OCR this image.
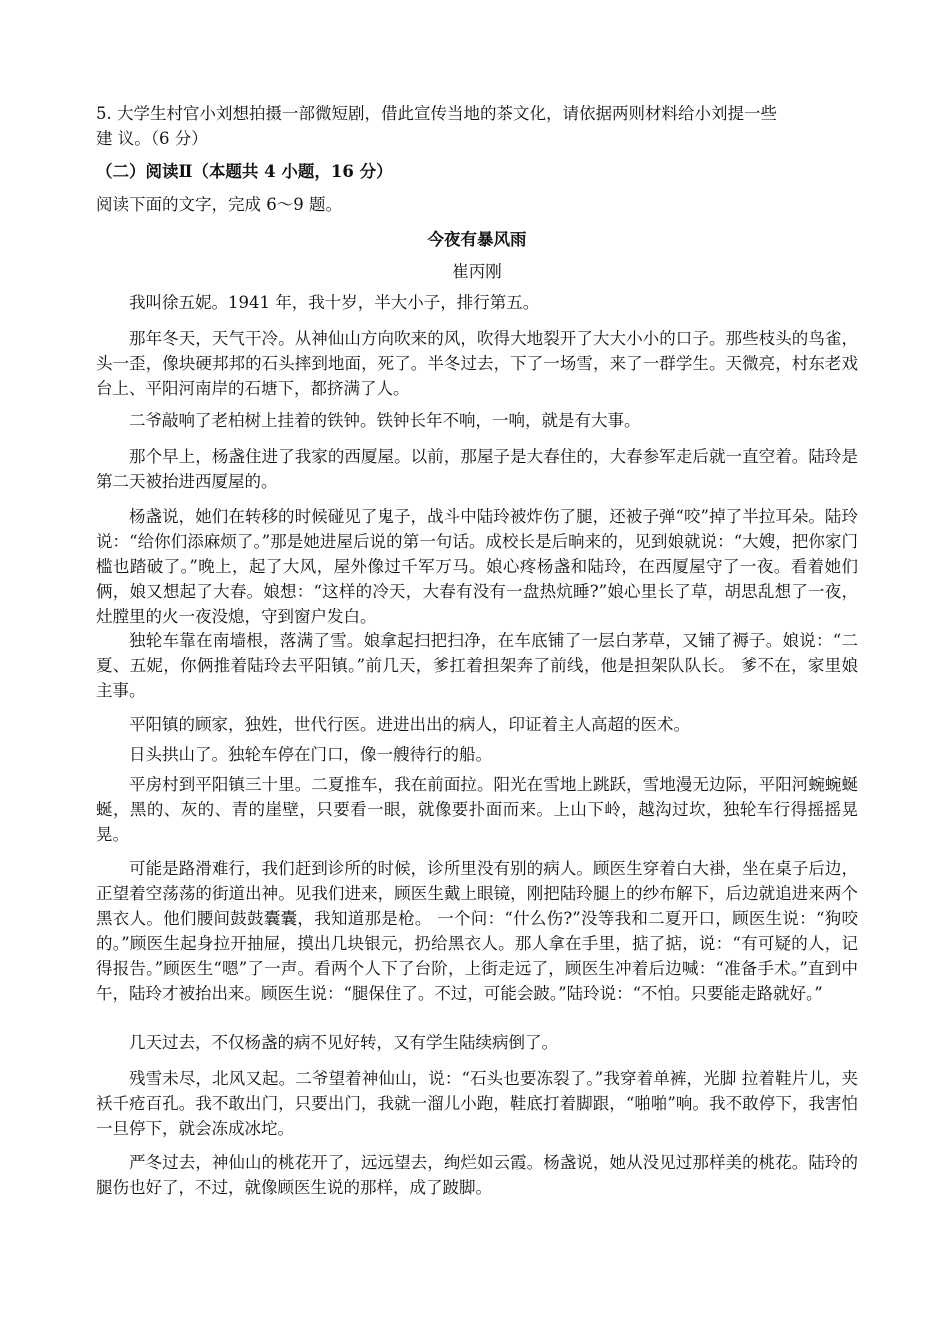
5. 大学生村官小刘想拍摄一部微短剧，借此宣传当地的茶文化，请依据两则材料给小刘提一些
建 议。（6 分）
（二）阅读Ⅱ（本题共 4 小题，16 分）
阅读下面的文字，完成 6～9 题。
今夜有暴风雨
崔丙刚
我叫徐五妮。1941 年，我十岁，半大小子，排行第五。
那年冬天，天气干冷。从神仙山方向吹来的风，吹得大地裂开了大大小小的口子。那些枝头的鸟雀，头一歪，像块硬邦邦的石头摔到地面，死了。半冬过去，下了一场雪，来了一群学生。天微亮，村东老戏台上、平阳河南岸的石塘下，都挤满了人。
二爷敲响了老柏树上挂着的铁钟。铁钟长年不响，一响，就是有大事。
那个早上，杨盏住进了我家的西厦屋。以前，那屋子是大春住的，大春参军走后就一直空着。陆玲是第二天被抬进西厦屋的。
杨盏说，她们在转移的时候碰见了鬼子，战斗中陆玲被炸伤了腿，还被子弹“咬”掉了半拉耳朵。陆玲说：“给你们添麻烦了。”那是她进屋后说的第一句话。成校长是后晌来的，见到娘就说：“大嫂，把你家门槛也踏破了。”晚上，起了大风，屋外像过千军万马。娘心疼杨盏和陆玲，在西厦屋守了一夜。看着她们俩，娘又想起了大春。娘想：“这样的冷天，大春有没有一盘热炕睡?”娘心里长了草，胡思乱想了一夜，灶膛里的火一夜没熄，守到窗户发白。
独轮车靠在南墙根，落满了雪。娘拿起扫把扫净，在车底铺了一层白茅草，又铺了褥子。娘说：“二夏、五妮，你俩推着陆玲去平阳镇。”前几天，爹扛着担架奔了前线，他是担架队队长。 爹不在，家里娘主事。
平阳镇的顾家，独姓，世代行医。进进出出的病人，印证着主人高超的医术。
日头拱山了。独轮车停在门口，像一艘待行的船。
平房村到平阳镇三十里。二夏推车，我在前面拉。阳光在雪地上跳跃，雪地漫无边际，平阳河蜿蜿蜒蜒，黑的、灰的、青的崖壁，只要看一眼，就像要扑面而来。上山下岭，越沟过坎，独轮车行得摇摇晃晃。
可能是路滑难行，我们赶到诊所的时候，诊所里没有别的病人。顾医生穿着白大褂，坐在桌子后边，正望着空荡荡的街道出神。见我们进来，顾医生戴上眼镜，刚把陆玲腿上的纱布解下，后边就追进来两个黑衣人。他们腰间鼓鼓囊囊，我知道那是枪。 一个问：“什么伤?”没等我和二夏开口，顾医生说：“狗咬的。”顾医生起身拉开抽屉，摸出几块银元，扔给黑衣人。那人拿在手里，掂了掂，说：“有可疑的人，记得报告。”顾医生“嗯”了一声。看两个人下了台阶，上街走远了，顾医生冲着后边喊：“准备手术。”直到中午，陆玲才被抬出来。顾医生说：“腿保住了。不过，可能会跛。”陆玲说：“不怕。只要能走路就好。”
几天过去，不仅杨盏的病不见好转，又有学生陆续病倒了。
残雪未尽，北风又起。二爷望着神仙山，说：“石头也要冻裂了。”我穿着单裤，光脚 拉着鞋片儿，夹袄千疮百孔。我不敢出门，只要出门，我就一溜儿小跑，鞋底打着脚跟，“啪啪”响。我不敢停下，我害怕一旦停下，就会冻成冰坨。
严冬过去，神仙山的桃花开了，远远望去，绚烂如云霞。杨盏说，她从没见过那样美的桃花。陆玲的腿伤也好了，不过，就像顾医生说的那样，成了跛脚。
